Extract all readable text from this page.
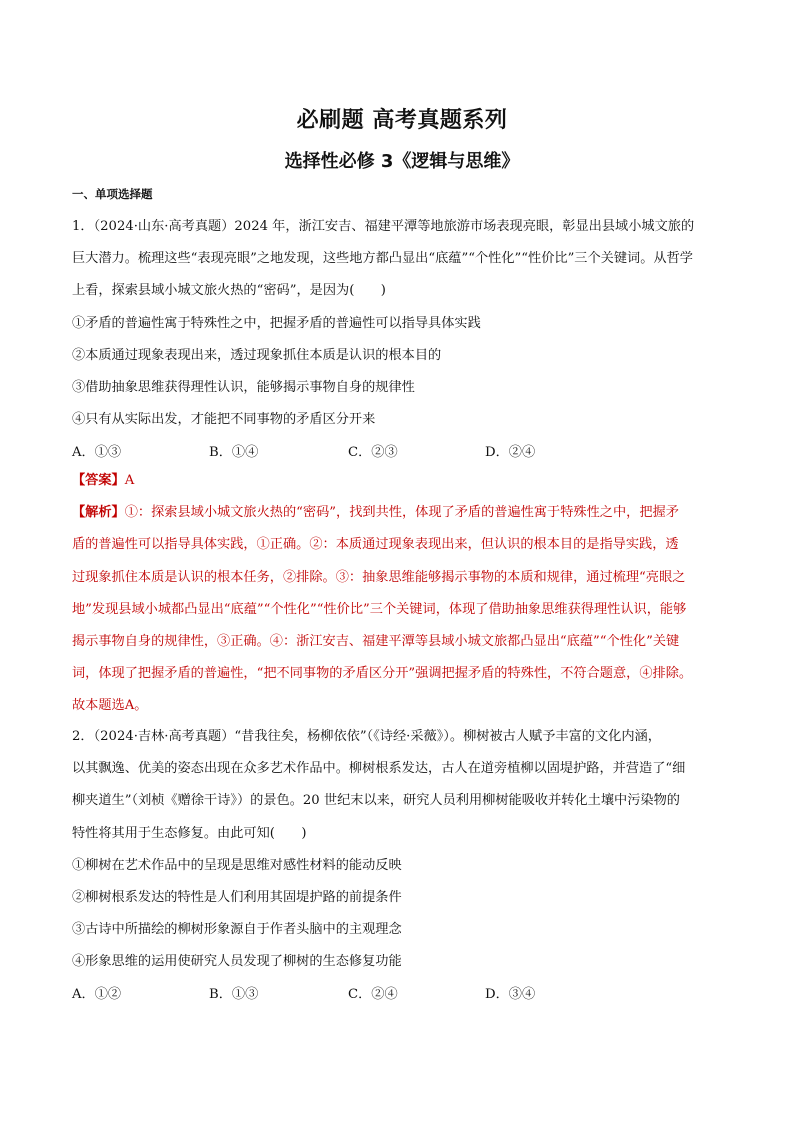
必刷题 高考真题系列
选择性必修 3《逻辑与思维》
一、单项选择题
1．（2024·山东·高考真题）2024 年，浙江安吉、福建平潭等地旅游市场表现亮眼，彰显出县域小城文旅的
巨大潜力。梳理这些“表现亮眼”之地发现，这些地方都凸显出“底蕴”“个性化”“性价比”三个关键词。从哲学
上看，探索县域小城文旅火热的“密码”，是因为(　　)
①矛盾的普遍性寓于特殊性之中，把握矛盾的普遍性可以指导具体实践
②本质通过现象表现出来，透过现象抓住本质是认识的根本目的
③借助抽象思维获得理性认识，能够揭示事物自身的规律性
④只有从实际出发，才能把不同事物的矛盾区分开来
A．①③	B．①④	C．②③	D．②④
【答案】A
【解析】①：探索县域小城文旅火热的“密码”，找到共性，体现了矛盾的普遍性寓于特殊性之中，把握矛
盾的普遍性可以指导具体实践，①正确。②：本质通过现象表现出来，但认识的根本目的是指导实践，透
过现象抓住本质是认识的根本任务，②排除。③：抽象思维能够揭示事物的本质和规律，通过梳理“亮眼之
地”发现县域小城都凸显出“底蕴”“个性化”“性价比”三个关键词，体现了借助抽象思维获得理性认识，能够
揭示事物自身的规律性，③正确。④：浙江安吉、福建平潭等县域小城文旅都凸显出“底蕴”“个性化”关键
词，体现了把握矛盾的普遍性，“把不同事物的矛盾区分开”强调把握矛盾的特殊性，不符合题意，④排除。
故本题选A。
2．（2024·吉林·高考真题）“昔我往矣，杨柳依依”（《诗经·采薇》）。柳树被古人赋予丰富的文化内涵，
以其飘逸、优美的姿态出现在众多艺术作品中。柳树根系发达，古人在道旁植柳以固堤护路，并营造了“细
柳夹道生”（刘桢《赠徐干诗》）的景色。20 世纪末以来，研究人员利用柳树能吸收并转化土壤中污染物的
特性将其用于生态修复。由此可知(　　)
①柳树在艺术作品中的呈现是思维对感性材料的能动反映
②柳树根系发达的特性是人们利用其固堤护路的前提条件
③古诗中所描绘的柳树形象源自于作者头脑中的主观理念
④形象思维的运用使研究人员发现了柳树的生态修复功能
A．①②	B．①③	C．②④	D．③④
